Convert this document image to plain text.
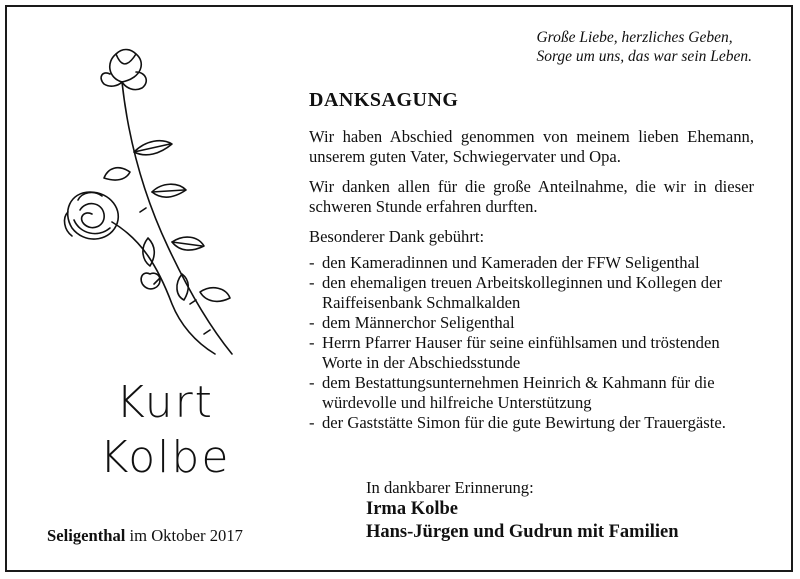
Große Liebe, herzliches Geben,
Sorge um uns, das war sein Leben.
Kurt
Kolbe
DANKSAGUNG

Wir haben Abschied genommen von meinem lieben Ehemann, unserem guten Vater, Schwiegervater und Opa.

Wir danken allen für die große Anteilnahme, die wir in dieser schweren Stunde erfahren durften.

Besonderer Dank gebührt:

- den Kameradinnen und Kameraden der FFW Seligenthal
- den ehemaligen treuen Arbeitskolleginnen und Kollegen der Raiffeisenbank Schmalkalden
- dem Männerchor Seligenthal
- Herrn Pfarrer Hauser für seine einfühlsamen und tröstenden Worte in der Abschiedsstunde
- dem Bestattungsunternehmen Heinrich & Kahmann für die würdevolle und hilfreiche Unterstützung
- der Gaststätte Simon für die gute Bewirtung der Trauergäste.
In dankbarer Erinnerung:
Irma Kolbe
Hans-Jürgen und Gudrun mit Familien
Seligenthal im Oktober 2017
